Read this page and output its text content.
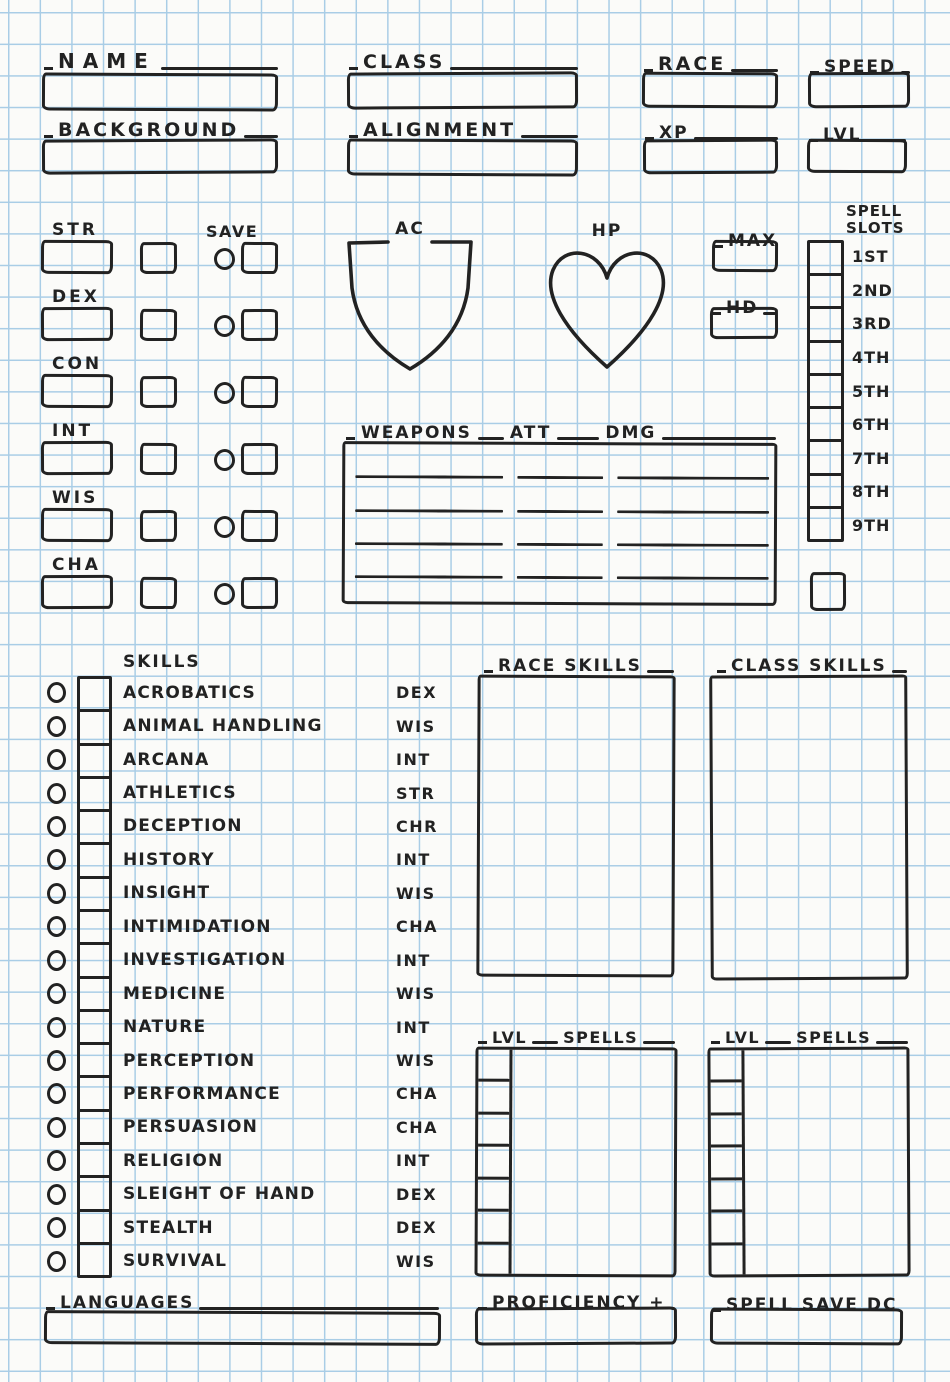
NAME	CLASS	RACE	SPEED
BACKGROUND	ALIGNMENT	XP	LVL
SAVE
STR
DEX
CON
INT
WIS
CHA
AC	HP	MAX
HD
SPELL
SLOTS
1ST
2ND
3RD
4TH
5TH
6TH
7TH
8TH
9TH
WEAPONS ATT	DMG
SKILLS
ACROBATICS	DEX
ANIMAL HANDLING	WIS
ARCANA	INT
ATHLETICS	STR
DECEPTION	CHR
HISTORY	INT
INSIGHT	WIS
INTIMIDATION	CHA
INVESTIGATION	INT
MEDICINE	WIS
NATURE	INT
PERCEPTION	WIS
PERFORMANCE	CHA
PERSUASION	CHA
RELIGION	INT
SLEIGHT OF HAND	DEX
STEALTH	DEX
SURVIVAL	WIS
RACE SKILLS	CLASS SKILLS
LVL SPELLS	LVL SPELLS
LANGUAGES	PROFICIENCY +	SPELL SAVE DC
